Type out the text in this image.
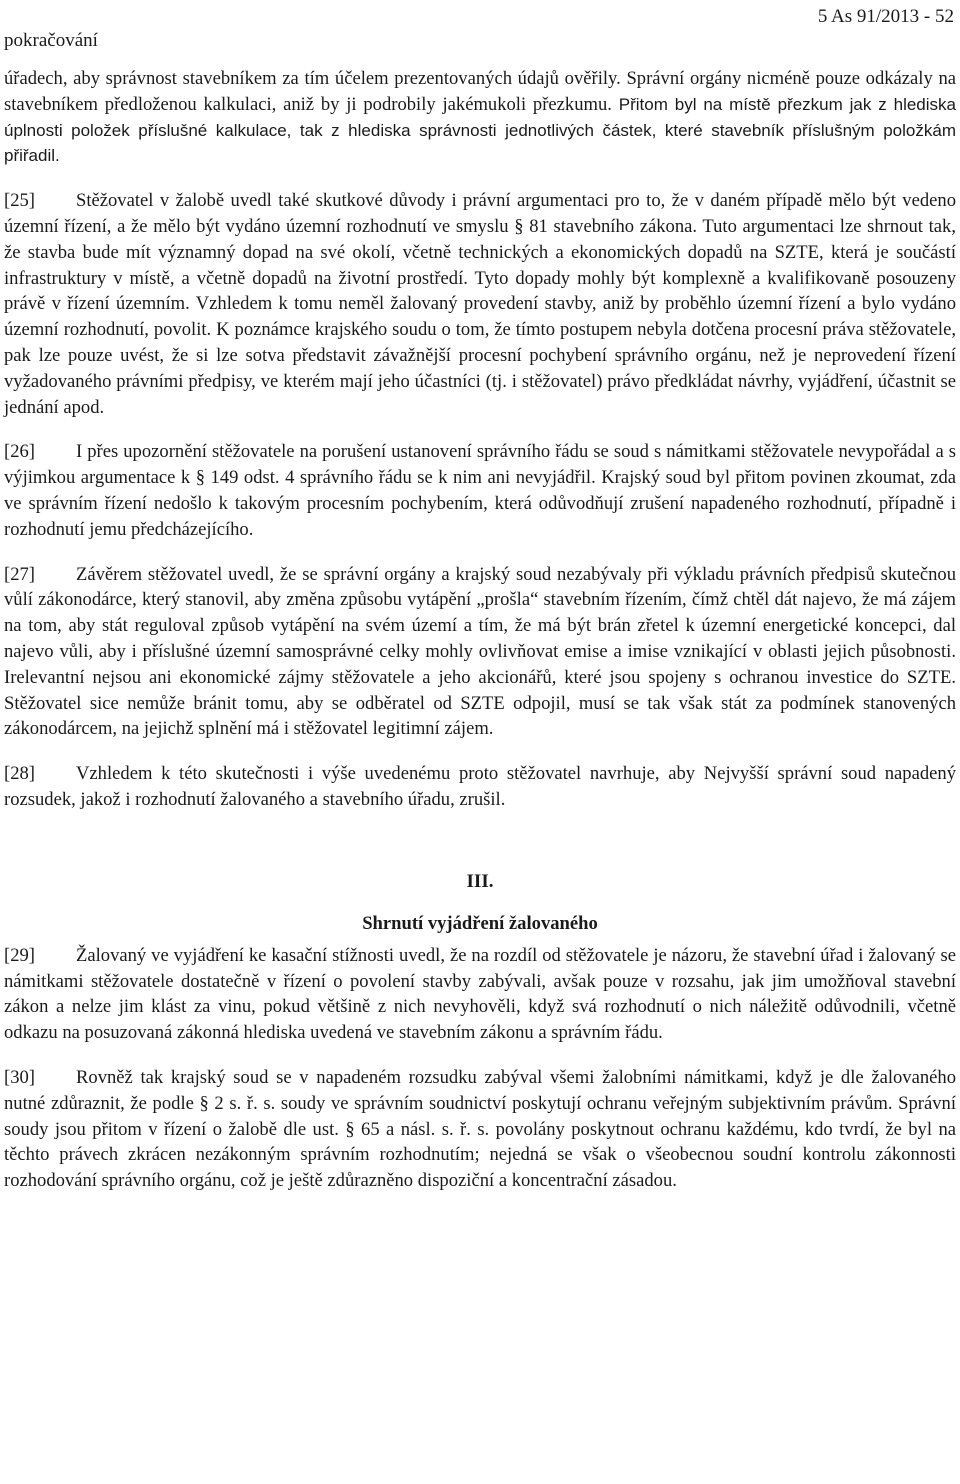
5 As 91/2013 - 52
pokračování

úřadech, aby správnost stavebníkem za tím účelem prezentovaných údajů ověřily. Správní orgány nicméně pouze odkázaly na stavebníkem předloženou kalkulaci, aniž by ji podrobily jakémukoli přezkumu. Přitom byl na místě přezkum jak z hlediska úplnosti položek příslušné kalkulace, tak z hlediska správnosti jednotlivých částek, které stavebník příslušným položkám přiřadil.

[25] Stěžovatel v žalobě uvedl také skutkové důvody i právní argumentaci pro to, že v daném případě mělo být vedeno územní řízení, a že mělo být vydáno územní rozhodnutí ve smyslu § 81 stavebního zákona. Tuto argumentaci lze shrnout tak, že stavba bude mít významný dopad na své okolí, včetně technických a ekonomických dopadů na SZTE, která je součástí infrastruktury v místě, a včetně dopadů na životní prostředí. Tyto dopady mohly být komplexně a kvalifikovaně posouzeny právě v řízení územním. Vzhledem k tomu neměl žalovaný provedení stavby, aniž by proběhlo územní řízení a bylo vydáno územní rozhodnutí, povolit. K poznámce krajského soudu o tom, že tímto postupem nebyla dotčena procesní práva stěžovatele, pak lze pouze uvést, že si lze sotva představit závažnější procesní pochybení správního orgánu, než je neprovedení řízení vyžadovaného právními předpisy, ve kterém mají jeho účastníci (tj. i stěžovatel) právo předkládat návrhy, vyjádření, účastnit se jednání apod.

[26] I přes upozornění stěžovatele na porušení ustanovení správního řádu se soud s námitkami stěžovatele nevypořádal a s výjimkou argumentace k § 149 odst. 4 správního řádu se k nim ani nevyjádřil. Krajský soud byl přitom povinen zkoumat, zda ve správním řízení nedošlo k takovým procesním pochybením, která odůvodňují zrušení napadeného rozhodnutí, případně i rozhodnutí jemu předcházejícího.

[27] Závěrem stěžovatel uvedl, že se správní orgány a krajský soud nezabývaly při výkladu právních předpisů skutečnou vůlí zákonodárce, který stanovil, aby změna způsobu vytápění „prošla“ stavebním řízením, čímž chtěl dát najevo, že má zájem na tom, aby stát reguloval způsob vytápění na svém území a tím, že má být brán zřetel k územní energetické koncepci, dal najevo vůli, aby i příslušné územní samosprávné celky mohly ovlivňovat emise a imise vznikající v oblasti jejich působnosti. Irelevantní nejsou ani ekonomické zájmy stěžovatele a jeho akcionářů, které jsou spojeny s ochranou investice do SZTE. Stěžovatel sice nemůže bránit tomu, aby se odběratel od SZTE odpojil, musí se tak však stát za podmínek stanovených zákonodárcem, na jejichž splnění má i stěžovatel legitimní zájem.

[28] Vzhledem k této skutečnosti i výše uvedenému proto stěžovatel navrhuje, aby Nejvyšší správní soud napadený rozsudek, jakož i rozhodnutí žalovaného a stavebního úřadu, zrušil.

III.
Shrnutí vyjádření žalovaného

[29] Žalovaný ve vyjádření ke kasační stížnosti uvedl, že na rozdíl od stěžovatele je názoru, že stavební úřad i žalovaný se námitkami stěžovatele dostatečně v řízení o povolení stavby zabývali, avšak pouze v rozsahu, jak jim umožňoval stavební zákon a nelze jim klást za vinu, pokud většině z nich nevyhověli, když svá rozhodnutí o nich náležitě odůvodnili, včetně odkazu na posuzovaná zákonná hlediska uvedená ve stavebním zákonu a správním řádu.

[30] Rovněž tak krajský soud se v napadeném rozsudku zabýval všemi žalobními námitkami, když je dle žalovaného nutné zdůraznit, že podle § 2 s. ř. s. soudy ve správním soudnictví poskytují ochranu veřejným subjektivním právům. Správní soudy jsou přitom v řízení o žalobě dle ust. § 65 a násl. s. ř. s. povolány poskytnout ochranu každému, kdo tvrdí, že byl na těchto právech zkrácen nezákonným správním rozhodnutím; nejedná se však o všeobecnou soudní kontrolu zákonnosti rozhodování správního orgánu, což je ještě zdůrazněno dispoziční a koncentrační zásadou.
